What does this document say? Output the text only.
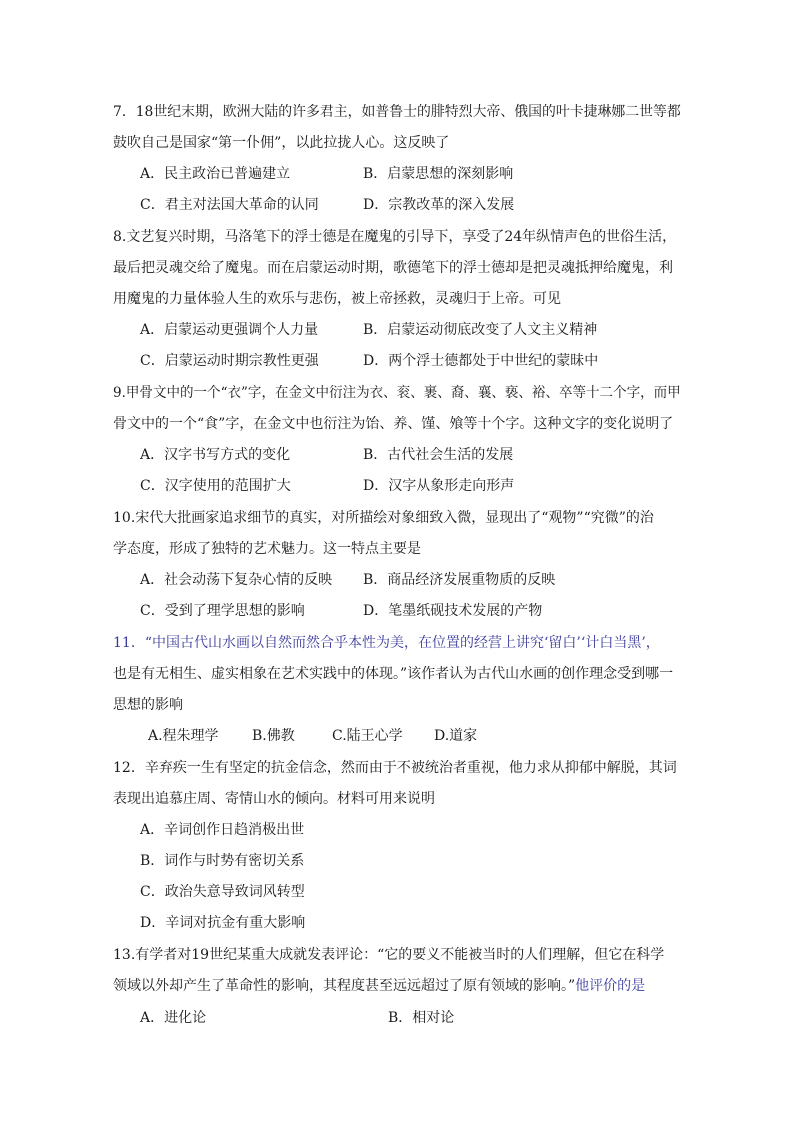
7．18世纪末期，欧洲大陆的许多君主，如普鲁士的腓特烈大帝、俄国的叶卡捷琳娜二世等都
鼓吹自己是国家“第一仆佣”，以此拉拢人心。这反映了
A．民主政治已普遍建立	B．启蒙思想的深刻影响
C．君主对法国大革命的认同	D．宗教改革的深入发展
8.文艺复兴时期，马洛笔下的浮士德是在魔鬼的引导下，享受了24年纵情声色的世俗生活，
最后把灵魂交给了魔鬼。而在启蒙运动时期，歌德笔下的浮士德却是把灵魂抵押给魔鬼，利
用魔鬼的力量体验人生的欢乐与悲伤，被上帝拯救，灵魂归于上帝。可见
A．启蒙运动更强调个人力量	B．启蒙运动彻底改变了人文主义精神
C．启蒙运动时期宗教性更强	D．两个浮士德都处于中世纪的蒙昧中
9.甲骨文中的一个“衣”字，在金文中衍注为衣、衮、裹、裔、襄、亵、裕、卒等十二个字，而甲
骨文中的一个“食”字，在金文中也衍注为饴、养、馑、飧等十个字。这种文字的变化说明了
A．汉字书写方式的变化	B．古代社会生活的发展
C．汉字使用的范围扩大	D．汉字从象形走向形声
10.宋代大批画家追求细节的真实，对所描绘对象细致入微，显现出了“观物”“究微”的治
学态度，形成了独特的艺术魅力。这一特点主要是
A．社会动荡下复杂心情的反映 B．商品经济发展重物质的反映
C．受到了理学思想的影响	D．笔墨纸砚技术发展的产物
11．“中国古代山水画以自然而然合乎本性为美，在位置的经营上讲究‘留白’‘计白当黑’，
也是有无相生、虚实相象在艺术实践中的体现。”该作者认为古代山水画的创作理念受到哪一
思想的影响
A.程朱理学 B.佛教	C.陆王心学 D.道家
12．辛弃疾一生有坚定的抗金信念，然而由于不被统治者重视，他力求从抑郁中解脱，其词
表现出追慕庄周、寄情山水的倾向。材料可用来说明
A．辛词创作日趋消极出世
B．词作与时势有密切关系
C．政治失意导致词风转型
D．辛词对抗金有重大影响
13.有学者对19世纪某重大成就发表评论：“它的要义不能被当时的人们理解，但它在科学
领域以外却产生了革命性的影响，其程度甚至远远超过了原有领域的影响。”他评价的是
A．进化论	B．相对论
